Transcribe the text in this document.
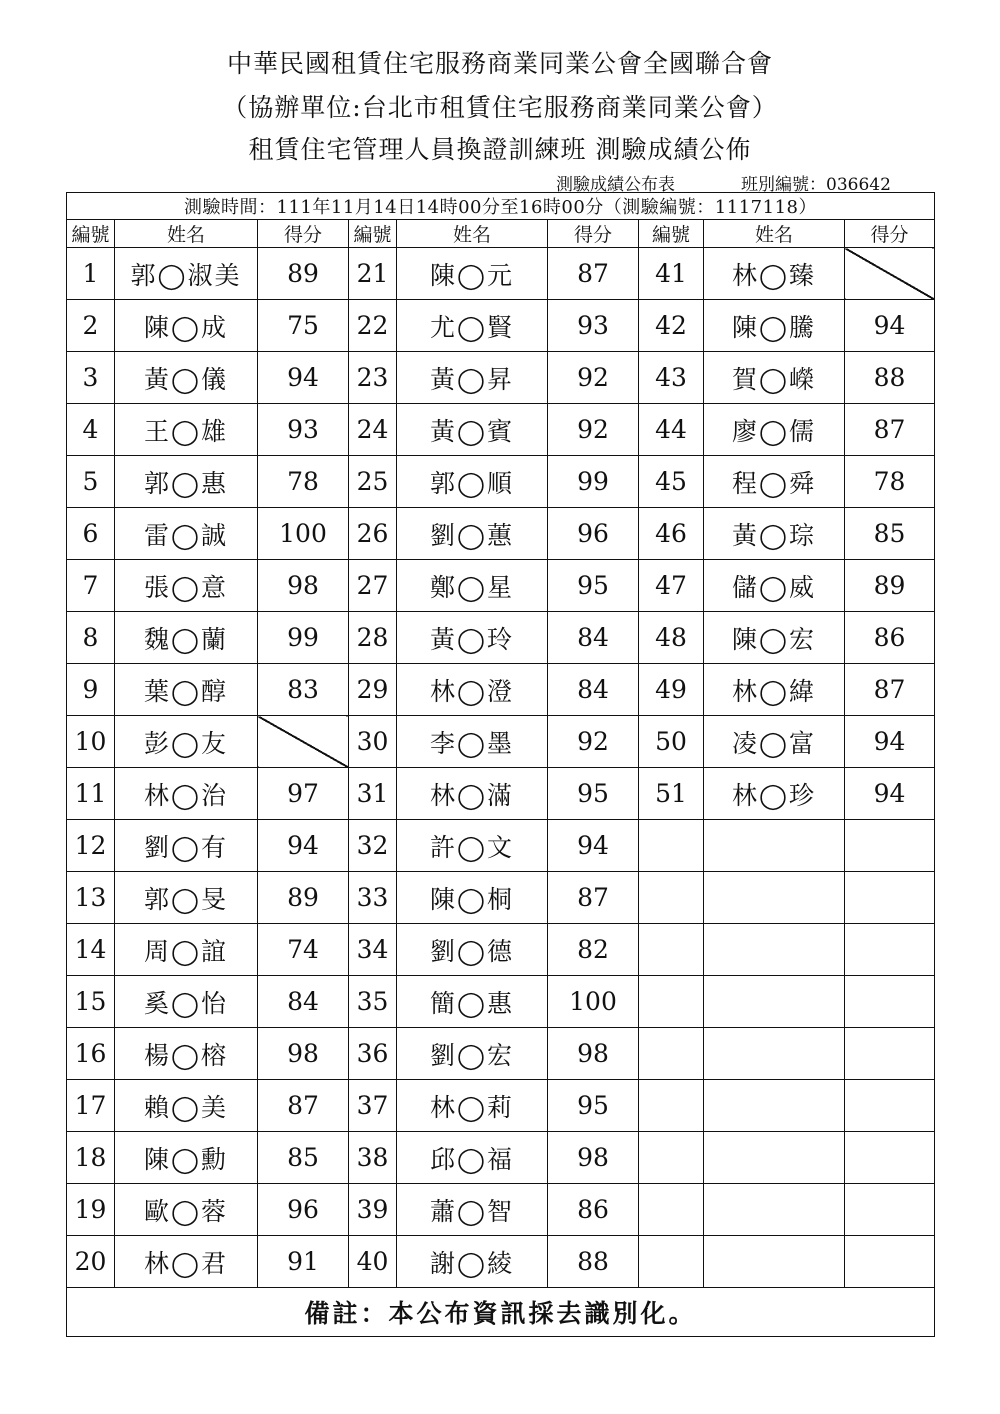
中華民國租賃住宅服務商業同業公會全國聯合會
（協辦單位:台北市租賃住宅服務商業同業公會）
租賃住宅管理人員換證訓練班 測驗成績公佈
測驗成績公布表	班別編號：036642
測驗時間：111年11月14日14時00分至16時00分（測驗編號：1117118）								
編號	姓名	得分	編號	姓名	得分	編號	姓名	得分
1	郭◯淑美	89	21	陳◯元	87	41	林◯臻	
2	陳◯成	75	22	尤◯賢	93	42	陳◯騰	94
3	黃◯儀	94	23	黃◯昇	92	43	賀◯嶸	88
4	王◯雄	93	24	黃◯賓	92	44	廖◯儒	87
5	郭◯惠	78	25	郭◯順	99	45	程◯舜	78
6	雷◯誠	100	26	劉◯蕙	96	46	黃◯琮	85
7	張◯意	98	27	鄭◯星	95	47	儲◯威	89
8	魏◯蘭	99	28	黃◯玲	84	48	陳◯宏	86
9	葉◯醇	83	29	林◯澄	84	49	林◯緯	87
10	彭◯友		30	李◯墨	92	50	凌◯富	94
11	林◯治	97	31	林◯滿	95	51	林◯珍	94
12	劉◯有	94	32	許◯文	94			
13	郭◯旻	89	33	陳◯桐	87			
14	周◯誼	74	34	劉◯德	82			
15	奚◯怡	84	35	簡◯惠	100			
16	楊◯榕	98	36	劉◯宏	98			
17	賴◯美	87	37	林◯莉	95			
18	陳◯勳	85	38	邱◯福	98			
19	歐◯蓉	96	39	蕭◯智	86			
20	林◯君	91	40	謝◯綾	88			
備註：本公布資訊採去識別化。								
